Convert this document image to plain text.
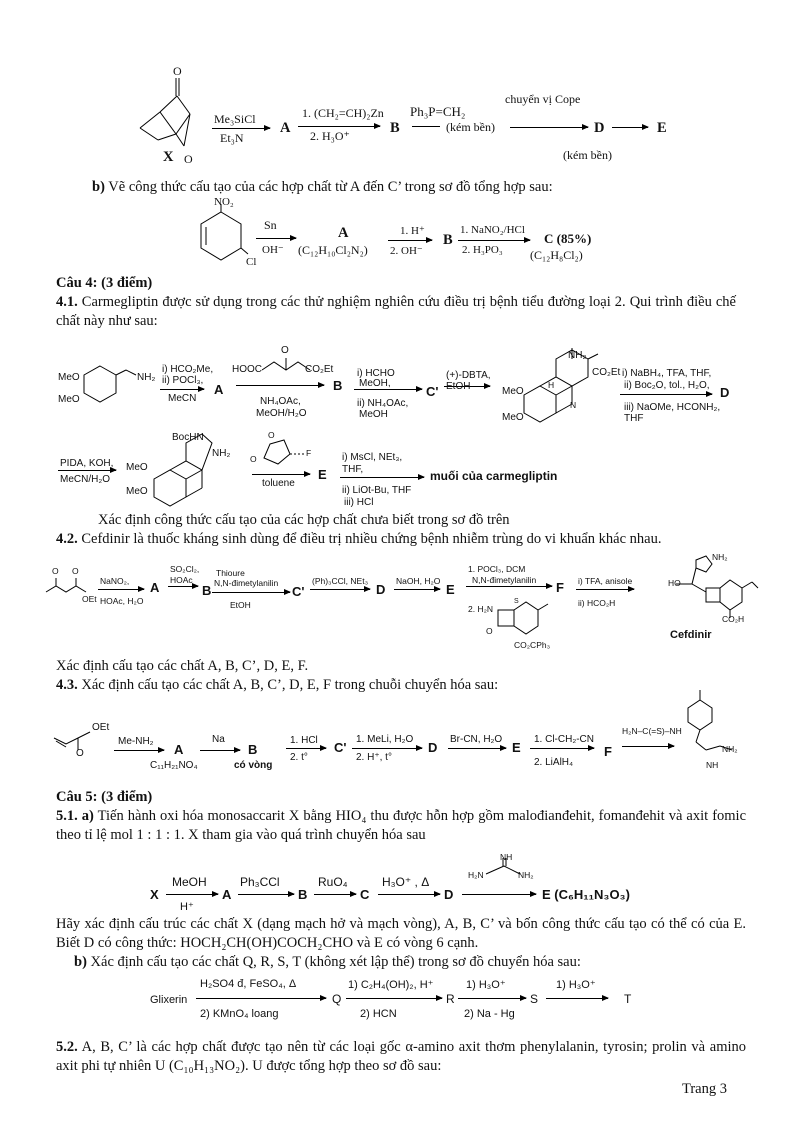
O
O
X
Me₃SiCl
Et₃N
A
1. (CH₂=CH)₂Zn
2. H₃O⁺	B
Ph₃P=CH₂
(kém bền)
chuyển vị Cope
D → E
(kém bền)
b) Vẽ công thức cấu tạo của các hợp chất từ A đến C’ trong sơ đồ tổng hợp sau:
NO₂
Cl
Sn
OH⁻
A
(C₁₂H₁₀Cl₂N₂)
1. H⁺
2. OH⁻
B
1. NaNO₂/HCl
2. H₃PO₃
C (85%)
(C₁₂H₈Cl₂)
Câu 4: (3 điểm)
4.1. Carmegliptin được sử dụng trong các thử nghiệm nghiên cứu điều trị bệnh tiểu đường loại 2. Qui trình điều chế chất này như sau:
MeO
MeO
NH₂
i) HCO₂Me,
ii) POCl₃,
MeCN
A
HOOC
O
CO₂Et
NH₄OAc,
MeOH/H₂O
B
i) HCHO
MeOH,
ii) NH₄OAc,
MeOH
C'
(+)-DBTA,
EtOH
NH₂
CO₂Et
H
N
MeO
MeO
i) NaBH₄, TFA, THF,
ii) Boc₂O, tol., H₂O,
iii) NaOMe, HCONH₂,
THF
D
PIDA, KOH,
MeCN/H₂O
BocHN
NH₂
MeO
MeO
O
O
F
toluene
E
i) MsCl, NEt₃,
THF,
ii) LiOt-Bu, THF
iii) HCl
muối của carmegliptin
Xác định công thức cấu tạo của các hợp chất chưa biết trong sơ đồ trên
4.2. Cefdinir là thuốc kháng sinh dùng để điều trị nhiều chứng bệnh nhiễm trùng do vi khuẩn khác nhau.
O O
OEt
NaNO₂,
HOAc, H₂O
A
SO₂Cl₂,
HOAc
B
Thioure
N,N-đimetylanilin
EtOH
C'
(Ph)₃CCl, NEt₃
→ D
NaOH, H₂O
→ E
1. POCl₃, DCM
N,N-đimetylanilin
2. H₂N
S
O
CO₂CPh₃
F i) TFA, anisole
ii) HCO₂H
NH₂
HO
CO₂H
Cefdinir
Xác định cấu tạo các chất A, B, C’, D, E, F.
4.3. Xác định cấu tạo các chất A, B, C’, D, E, F trong chuỗi chuyển hóa sau:
OEt
O
Me-NH₂
→ A
C₁₁H₂₁NO₄
Na
→ B
có vòng
1. HCl
2. t°
C'
1. MeLi, H₂O
2. H⁺, t°
D
Br-CN, H₂O
→ E
1. Cl-CH₂-CN
2. LiAlH₄
F
H₂N–C(=S)–NH
NH₂
NH
Câu 5: (3 điểm)
5.1. a) Tiến hành oxi hóa monosaccarit X bằng HIO₄ thu được hỗn hợp gồm malođianđehit, fomanđehit và axit fomic theo tỉ lệ mol 1 : 1 : 1. X tham gia vào quá trình chuyển hóa sau
X
MeOH
H⁺
A
Ph₃CCl
→ B
RuO₄
→ C
H₃O⁺ , Δ
→ D
NH
H₂N	NH₂
E (C₆H₁₁N₃O₃)
Hãy xác định cấu trúc các chất X (dạng mạch hở và mạch vòng), A, B, C’ và bốn công thức cấu tạo có thể có của E. Biết D có công thức: HOCH₂CH(OH)COCH₂CHO và E có vòng 6 cạnh.
b) Xác định cấu tạo các chất Q, R, S, T (không xét lập thể) trong sơ đồ chuyển hóa sau:
Glixerin
H₂SO4 đ, FeSO₄, Δ
2) KMnO₄ loang
Q
1) C₂H₄(OH)₂, H⁺
2) HCN
R
1) H₃O⁺
2) Na - Hg
S
1) H₃O⁺
→ T
5.2. A, B, C’ là các hợp chất được tạo nên từ các loại gốc α-amino axit thơm phenylalanin, tyrosin; prolin và amino axit phi tự nhiên U (C₁₀H₁₃NO₂). U được tổng hợp theo sơ đồ sau:
Trang 3
